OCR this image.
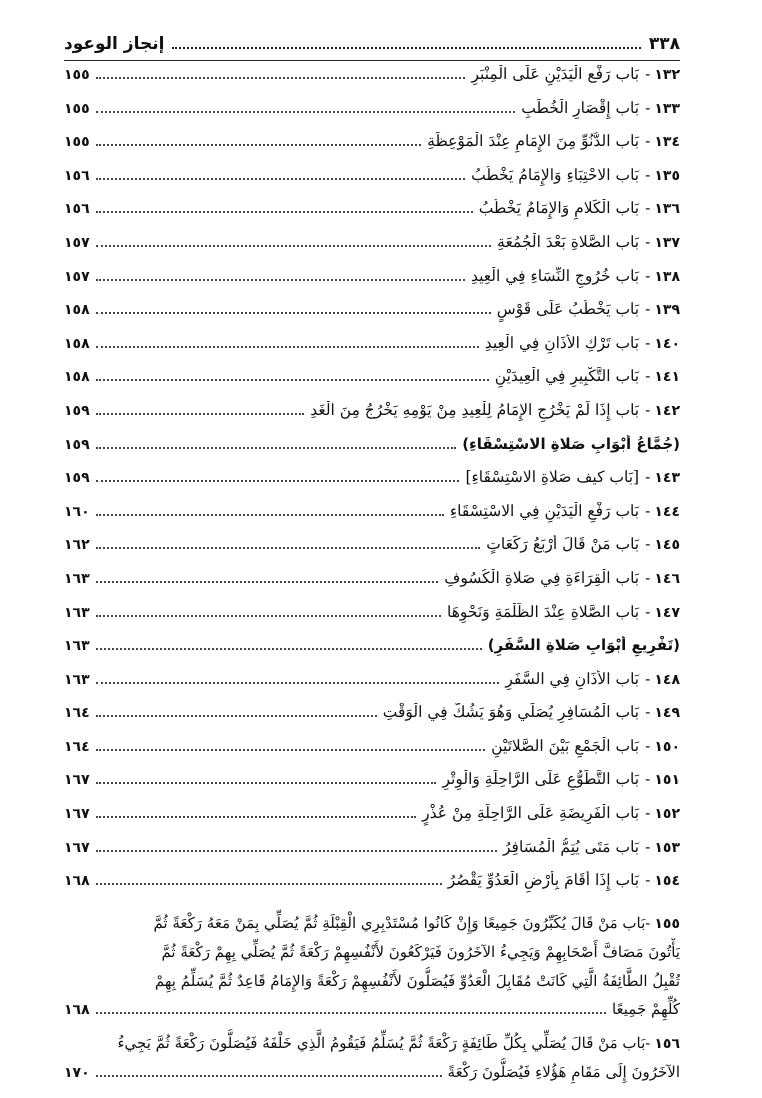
٣٣٨
إنجاز الوعود
١٣٢
-
بَاب رَفْع الْيَدَيْنِ عَلَى الْمِنْبَرِ
١٥٥
١٣٣
-
بَاب إِقْصَارِ الْخُطَبِ
١٥٥
١٣٤
-
بَاب الدُّنُوِّ مِنَ الإِمَامِ عِنْدَ الْمَوْعِظَةِ
١٥٥
١٣٥
-
بَاب الاحْتِبَاءِ وَالإِمَامُ يَخْطُبُ
١٥٦
١٣٦
-
بَاب الْكَلامِ وَالإِمَامُ يَخْطُبُ
١٥٦
١٣٧
-
بَاب الصَّلاةِ بَعْدَ الْجُمُعَةِ
١٥٧
١٣٨
-
بَاب خُرُوجِ النِّسَاءِ فِي الْعِيدِ
١٥٧
١٣٩
-
بَاب يَخْطُبُ عَلَى قَوْسٍ
١٥٨
١٤٠
-
بَاب تَرْكِ الأَذَانِ فِي الْعِيدِ
١٥٨
١٤١
-
بَاب التَّكْبِيرِ فِي الْعِيدَيْنِ
١٥٨
١٤٢
-
بَاب إِذَا لَمْ يَخْرُجِ الإِمَامُ لِلْعِيدِ مِنْ يَوْمِهِ يَخْرُجُ مِنَ الْغَدِ
١٥٩
(جُمَّاعُ أَبْوَابِ صَلاةِ الاسْتِسْقَاءِ)
١٥٩
١٤٣
-
[بَاب كيف صَلاةِ الاسْتِسْقَاءِ]
١٥٩
١٤٤
-
بَاب رَفْعِ الْيَدَيْنِ فِي الاسْتِسْقَاءِ
١٦٠
١٤٥
-
بَاب مَنْ قَالَ أَرْبَعُ رَكَعَاتٍ
١٦٢
١٤٦
-
بَاب الْقِرَاءَةِ فِي صَلاةِ الْكُسُوفِ
١٦٣
١٤٧
-
بَاب الصَّلاةِ عِنْدَ الظُّلْمَةِ وَنَحْوِهَا
١٦٣
(تَفْرِيعِ أَبْوَابِ صَلاةِ السَّفَرِ)
١٦٣
١٤٨
-
بَاب الأَذَانِ فِي السَّفَرِ
١٦٣
١٤٩
-
بَاب الْمُسَافِرِ يُصَلِّي وَهُوَ يَشُكُّ فِي الْوَقْتِ
١٦٤
١٥٠
-
بَاب الْجَمْعِ بَيْنَ الصَّلاتَيْنِ
١٦٤
١٥١
-
بَاب التَّطَوُّعِ عَلَى الرَّاحِلَةِ وَالْوِتْرِ
١٦٧
١٥٢
-
بَاب الْفَرِيضَةِ عَلَى الرَّاحِلَةِ مِنْ عُذْرٍ
١٦٧
١٥٣
-
بَاب مَتَى يُتِمُّ الْمُسَافِرُ
١٦٧
١٥٤
-
بَاب إِذَا أَقَامَ بِأَرْضِ الْعَدُوِّ يَقْصُرُ
١٦٨
١٥٥
-
بَاب مَنْ قَالَ يُكَبِّرُونَ جَمِيعًا وَإِنْ كَانُوا مُسْتَدْبِرِي الْقِبْلَةِ ثُمَّ يُصَلِّي بِمَنْ مَعَهُ رَكْعَةً ثُمَّ
يَأْتُونَ مَصَافَّ أَصْحَابِهِمْ وَيَجِيءُ الآخَرُونَ فَيَرْكَعُونَ لأَنْفُسِهِمْ رَكْعَةً ثُمَّ يُصَلِّي بِهِمْ رَكْعَةً ثُمَّ
تُقْبِلُ الطَّائِفَةُ الَّتِي كَانَتْ مُقَابِلَ الْعَدُوِّ فَيُصَلُّونَ لأَنْفُسِهِمْ رَكْعَةً وَالإِمَامُ قَاعِدٌ ثُمَّ يُسَلِّمُ بِهِمْ
كُلِّهِمْ جَمِيعًا
١٦٨
١٥٦
-
بَاب مَنْ قَالَ يُصَلِّي بِكُلِّ طَائِفَةٍ رَكْعَةً ثُمَّ يُسَلِّمُ فَيَقُومُ الَّذِي خَلْفَهُ فَيُصَلُّونَ رَكْعَةً ثُمَّ يَجِيءُ
الآخَرُونَ إِلَى مَقَامِ هَؤُلاءِ فَيُصَلُّونَ رَكْعَةً
١٧٠
